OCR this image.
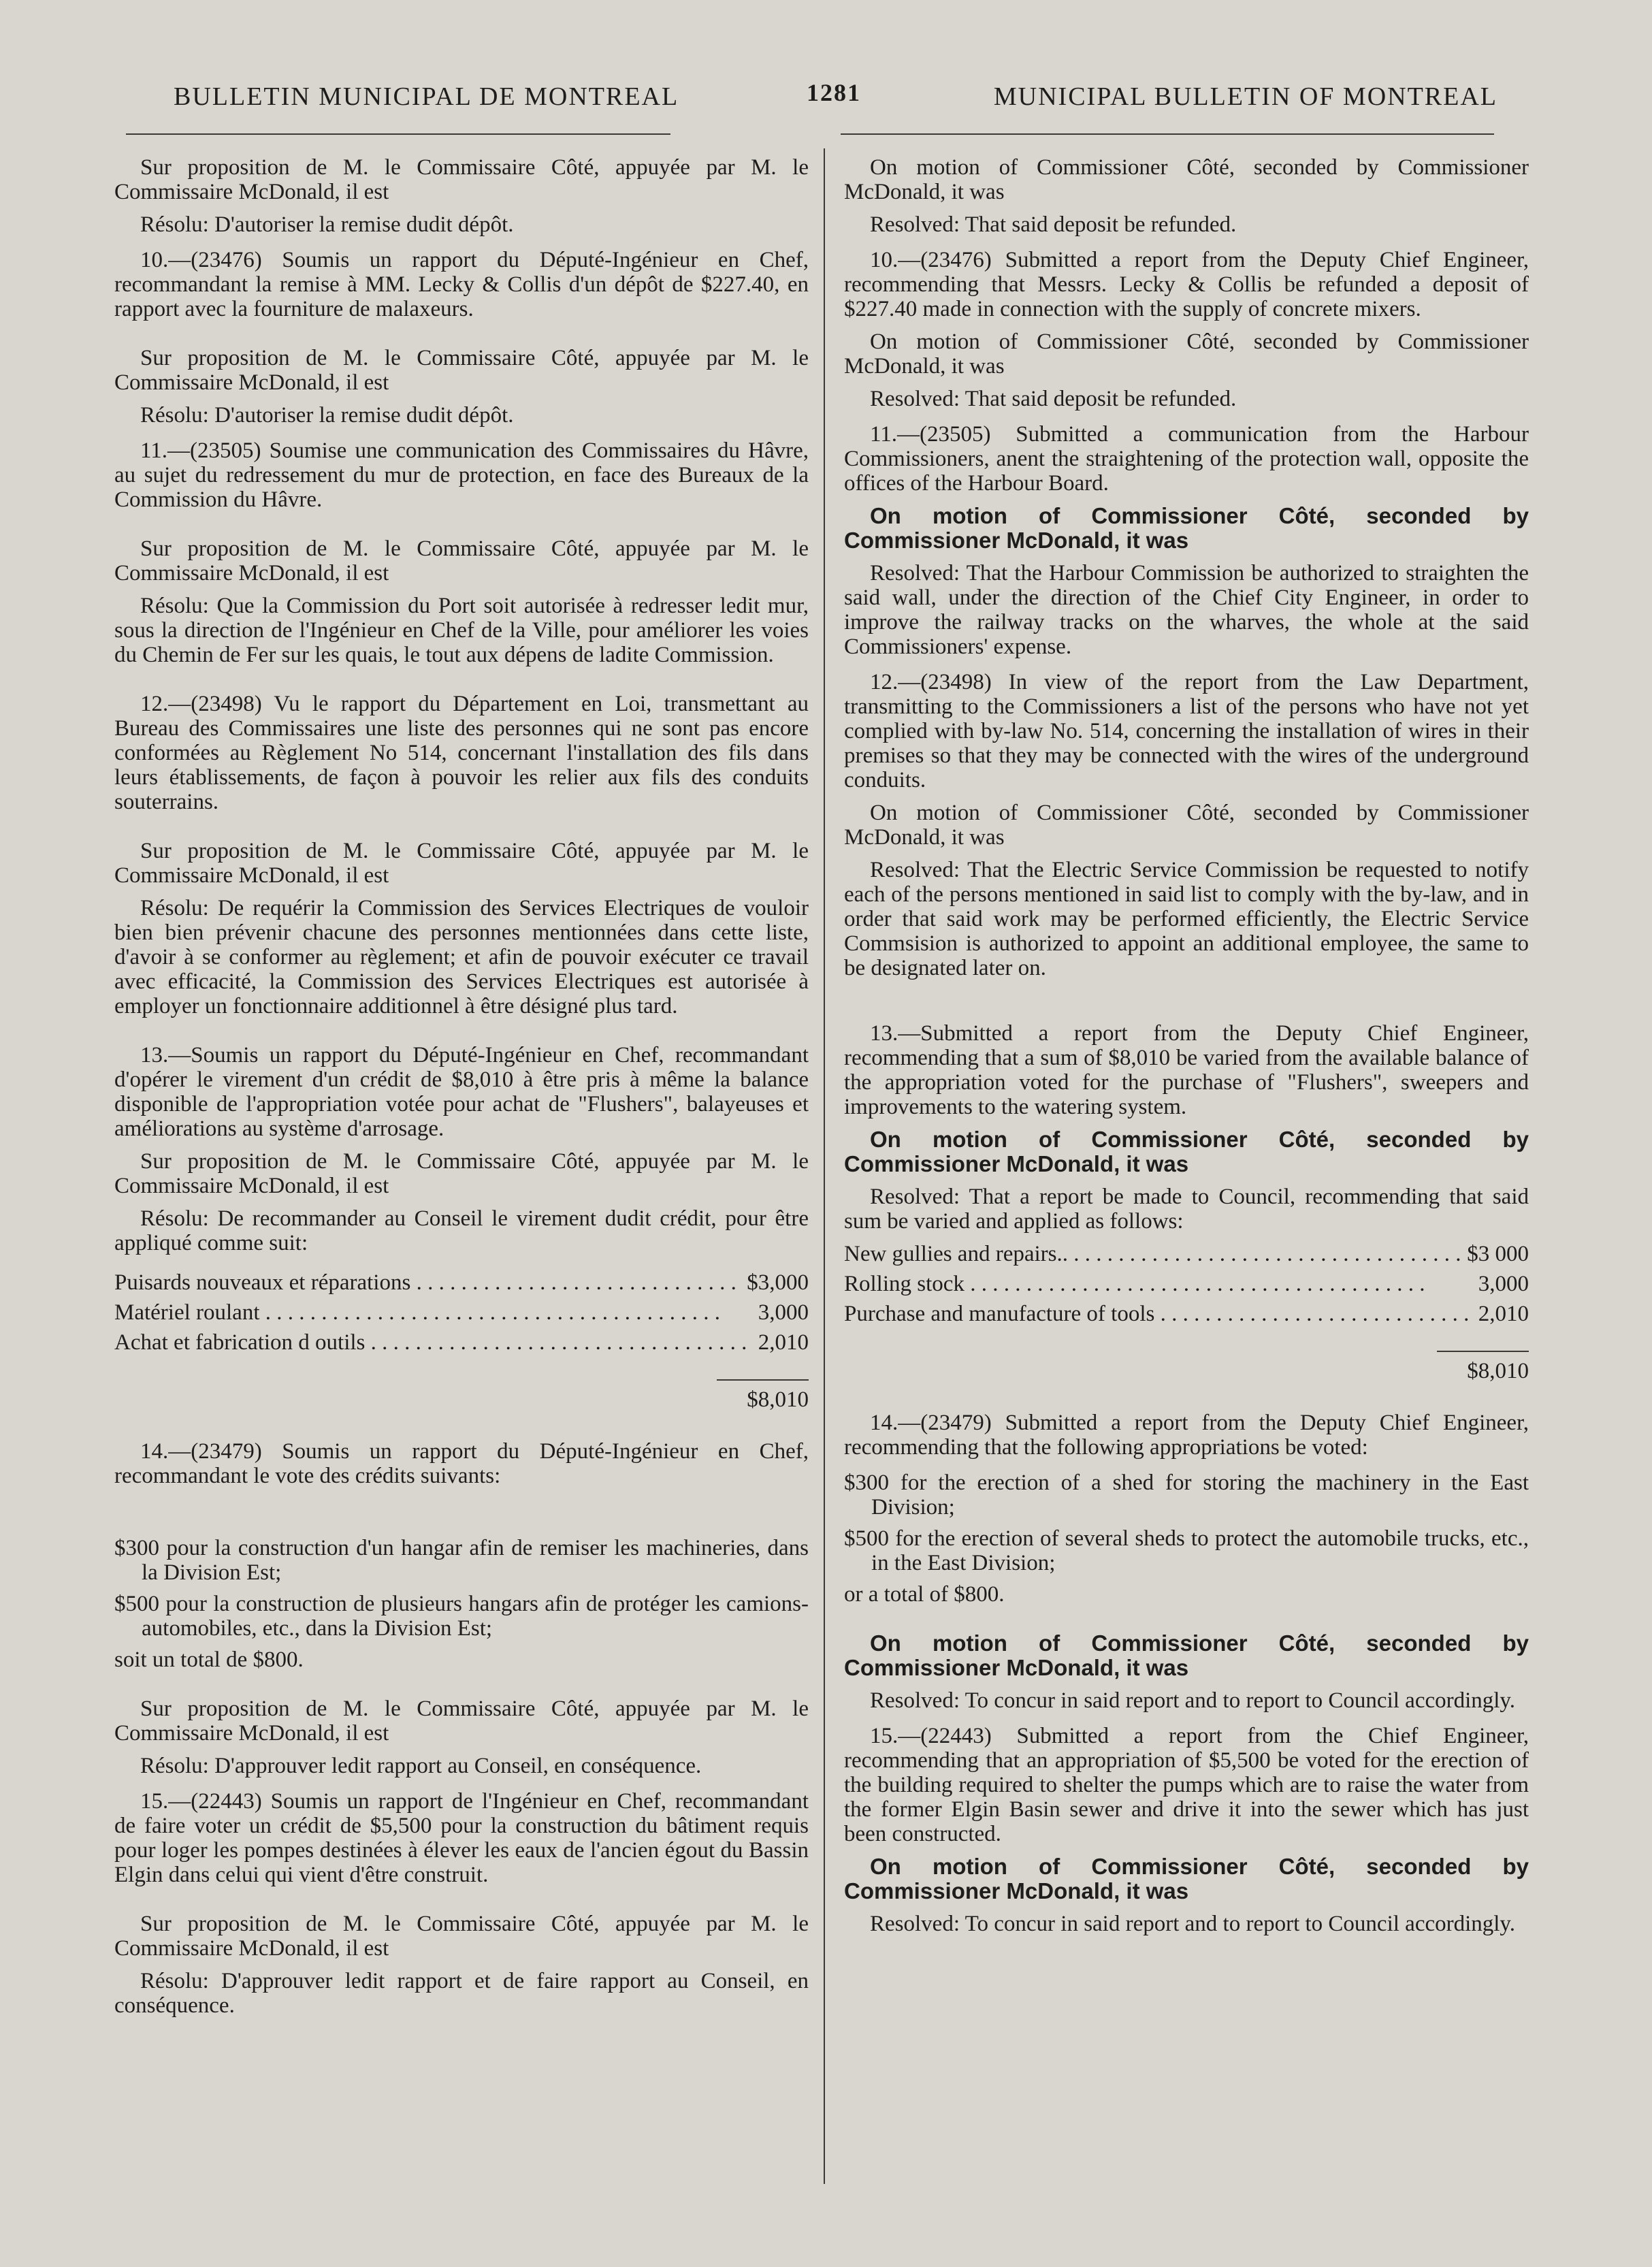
BULLETIN MUNICIPAL DE MONTREAL	1281	MUNICIPAL BULLETIN OF MONTREAL

Sur proposition de M. le Commissaire Côté, appuyée par M. le Commissaire McDonald, il est

Résolu: D'autoriser la remise dudit dépôt.

10.—(23476) Soumis un rapport du Député-Ingénieur en Chef, recommandant la remise à MM. Lecky & Collis d'un dépôt de $227.40, en rapport avec la fourniture de malaxeurs.

Sur proposition de M. le Commissaire Côté, appuyée par M. le Commissaire McDonald, il est

Résolu: D'autoriser la remise dudit dépôt.

11.—(23505) Soumise une communication des Commissaires du Hâvre, au sujet du redressement du mur de protection, en face des Bureaux de la Commission du Hâvre.

Sur proposition de M. le Commissaire Côté, appuyée par M. le Commissaire McDonald, il est

Résolu: Que la Commission du Port soit autorisée à redresser ledit mur, sous la direction de l'Ingénieur en Chef de la Ville, pour améliorer les voies du Chemin de Fer sur les quais, le tout aux dépens de ladite Commission.

12.—(23498) Vu le rapport du Département en Loi, transmettant au Bureau des Commissaires une liste des personnes qui ne sont pas encore conformées au Règlement No 514, concernant l'installation des fils dans leurs établissements, de façon à pouvoir les relier aux fils des conduits souterrains.

Sur proposition de M. le Commissaire Côté, appuyée par M. le Commissaire McDonald, il est

Résolu: De requérir la Commission des Services Electriques de vouloir bien bien prévenir chacune des personnes mentionnées dans cette liste, d'avoir à se conformer au règlement; et afin de pouvoir exécuter ce travail avec efficacité, la Commission des Services Electriques est autorisée à employer un fonctionnaire additionnel à être désigné plus tard.

13.—Soumis un rapport du Député-Ingénieur en Chef, recommandant d'opérer le virement d'un crédit de $8,010 à être pris à même la balance disponible de l'appropriation votée pour achat de "Flushers", balayeuses et améliorations au système d'arrosage.

Sur proposition de M. le Commissaire Côté, appuyée par M. le Commissaire McDonald, il est

Résolu: De recommander au Conseil le virement dudit crédit, pour être appliqué comme suit:

Puisards nouveaux et réparations . . .	$3,000
Matériel roulant . . .	3,000
Achat et fabrication d outils . . .	2,010
$8,010

14.—(23479) Soumis un rapport du Député-Ingénieur en Chef, recommandant le vote des crédits suivants:

$300 pour la construction d'un hangar afin de remiser les machineries, dans la Division Est;

$500 pour la construction de plusieurs hangars afin de protéger les camions-automobiles, etc., dans la Division Est;

soit un total de $800.

Sur proposition de M. le Commissaire Côté, appuyée par M. le Commissaire McDonald, il est

Résolu: D'approuver ledit rapport au Conseil, en conséquence.

15.—(22443) Soumis un rapport de l'Ingénieur en Chef, recommandant de faire voter un crédit de $5,500 pour la construction du bâtiment requis pour loger les pompes destinées à élever les eaux de l'ancien égout du Bassin Elgin dans celui qui vient d'être construit.

Sur proposition de M. le Commissaire Côté, appuyée par M. le Commissaire McDonald, il est

Résolu: D'approuver ledit rapport et de faire rapport au Conseil, en conséquence.

On motion of Commissioner Côté, seconded by Commissioner McDonald, it was

Resolved: That said deposit be refunded.

10.—(23476) Submitted a report from the Deputy Chief Engineer, recommending that Messrs. Lecky & Collis be refunded a deposit of $227.40 made in connection with the supply of concrete mixers.

On motion of Commissioner Côté, seconded by Commissioner McDonald, it was

Resolved: That said deposit be refunded.

11.—(23505) Submitted a communication from the Harbour Commissioners, anent the straightening of the protection wall, opposite the offices of the Harbour Board.

On motion of Commissioner Côté, seconded by Commissioner McDonald, it was

Resolved: That the Harbour Commission be authorized to straighten the said wall, under the direction of the Chief City Engineer, in order to improve the railway tracks on the wharves, the whole at the said Commissioners' expense.

12.—(23498) In view of the report from the Law Department, transmitting to the Commissioners a list of the persons who have not yet complied with by-law No. 514, concerning the installation of wires in their premises so that they may be connected with the wires of the underground conduits.

On motion of Commissioner Côté, seconded by Commissioner McDonald, it was

Resolved: That the Electric Service Commission be requested to notify each of the persons mentioned in said list to comply with the by-law, and in order that said work may be performed efficiently, the Electric Service Commsision is authorized to appoint an additional employee, the same to be designated later on.

13.—Submitted a report from the Deputy Chief Engineer, recommending that a sum of $8,010 be varied from the available balance of the appropriation voted for the purchase of "Flushers", sweepers and improvements to the watering system.

On motion of Commissioner Côté, seconded by Commissioner McDonald, it was

Resolved: That a report be made to Council, recommending that said sum be varied and applied as follows:

New gullies and repairs.. . . .	$3 000
Rolling stock . . .	3,000
Purchase and manufacture of tools . . .	2,010
$8,010

14.—(23479) Submitted a report from the Deputy Chief Engineer, recommending that the following appropriations be voted:

$300 for the erection of a shed for storing the machinery in the East Division;

$500 for the erection of several sheds to protect the automobile trucks, etc., in the East Division;

or a total of $800.

On motion of Commissioner Côté, seconded by Commissioner McDonald, it was

Resolved: To concur in said report and to report to Council accordingly.

15.—(22443) Submitted a report from the Chief Engineer, recommending that an appropriation of $5,500 be voted for the erection of the building required to shelter the pumps which are to raise the water from the former Elgin Basin sewer and drive it into the sewer which has just been constructed.

On motion of Commissioner Côté, seconded by Commissioner McDonald, it was

Resolved: To concur in said report and to report to Council accordingly.
